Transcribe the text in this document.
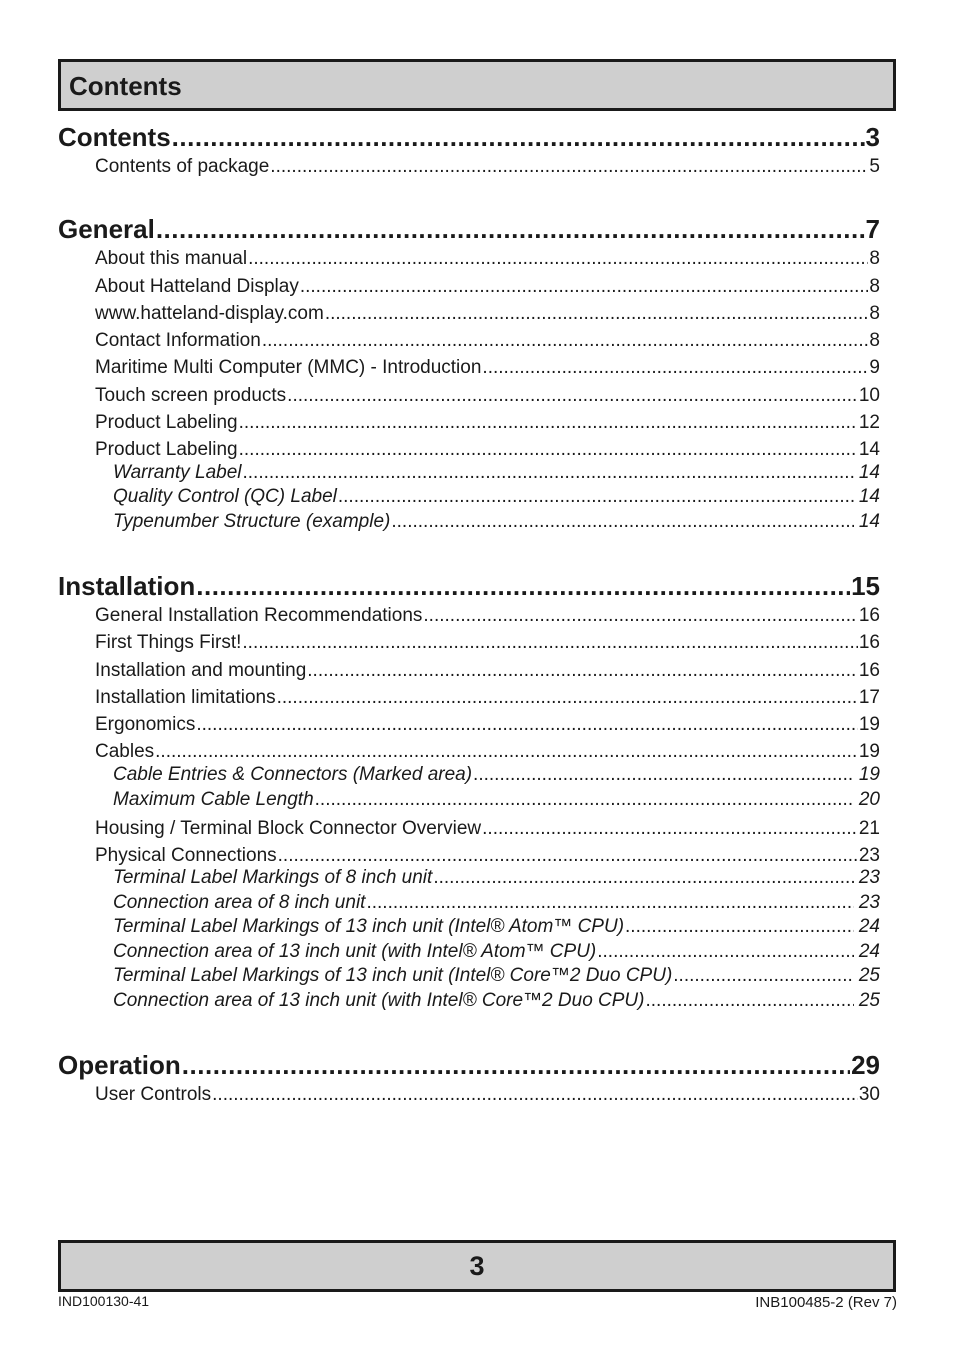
Contents
Contents .....	3
Contents of package .....	5
General .....	7
About this manual .....	8
About Hatteland Display .....	8
www.hatteland-display.com .....	8
Contact Information .....	8
Maritime Multi Computer (MMC) - Introduction .....	9
Touch screen products .....	10
Product Labeling .....	12
Product Labeling .....	14
Warranty Label .....	14
Quality Control (QC) Label .....	14
Typenumber Structure (example) .....	14
Installation .....	15
General Installation Recommendations .....	16
First Things First! .....	16
Installation and mounting .....	16
Installation limitations .....	17
Ergonomics .....	19
Cables .....	19
Cable Entries & Connectors (Marked area) .....	19
Maximum Cable Length .....	20
Housing / Terminal Block Connector Overview .....	21
Physical Connections .....	23
Terminal Label Markings of 8 inch unit .....	23
Connection area of 8 inch unit .....	23
Terminal Label Markings of 13 inch unit (Intel® Atom™ CPU) .....	24
Connection area of 13 inch unit (with Intel® Atom™ CPU) .....	24
Terminal Label Markings of 13 inch unit (Intel® Core™2 Duo CPU) .....	25
Connection area of 13 inch unit (with Intel® Core™2 Duo CPU) .....	25
Operation .....	29
User Controls .....	30
3
IND100130-41	INB100485-2 (Rev 7)
